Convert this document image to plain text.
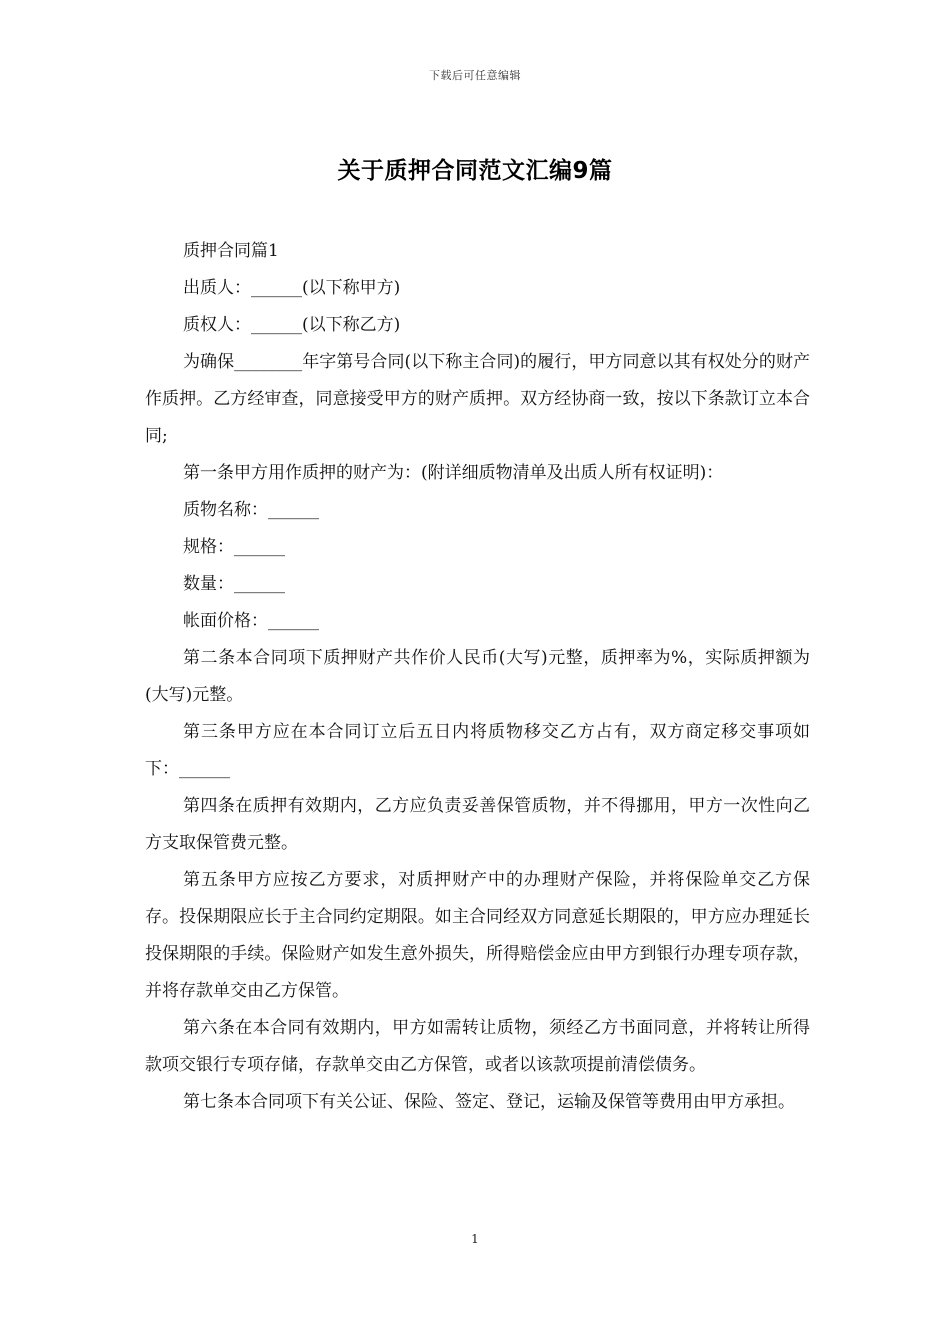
下载后可任意编辑
关于质押合同范文汇编9篇

质押合同篇1

出质人：______(以下称甲方)

质权人：______(以下称乙方)

为确保________年字第号合同(以下称主合同)的履行，甲方同意以其有权处分的财产作质押。乙方经审查，同意接受甲方的财产质押。双方经协商一致，按以下条款订立本合同;

第一条甲方用作质押的财产为：(附详细质物清单及出质人所有权证明)：

质物名称：______

规格：______

数量：______

帐面价格：______

第二条本合同项下质押财产共作价人民币(大写)元整，质押率为%，实际质押额为(大写)元整。

第三条甲方应在本合同订立后五日内将质物移交乙方占有，双方商定移交事项如下：______

第四条在质押有效期内，乙方应负责妥善保管质物，并不得挪用，甲方一次性向乙方支取保管费元整。

第五条甲方应按乙方要求，对质押财产中的办理财产保险，并将保险单交乙方保存。投保期限应长于主合同约定期限。如主合同经双方同意延长期限的，甲方应办理延长投保期限的手续。保险财产如发生意外损失，所得赔偿金应由甲方到银行办理专项存款，并将存款单交由乙方保管。

第六条在本合同有效期内，甲方如需转让质物，须经乙方书面同意，并将转让所得款项交银行专项存储，存款单交由乙方保管，或者以该款项提前清偿债务。

第七条本合同项下有关公证、保险、签定、登记，运输及保管等费用由甲方承担。

1
